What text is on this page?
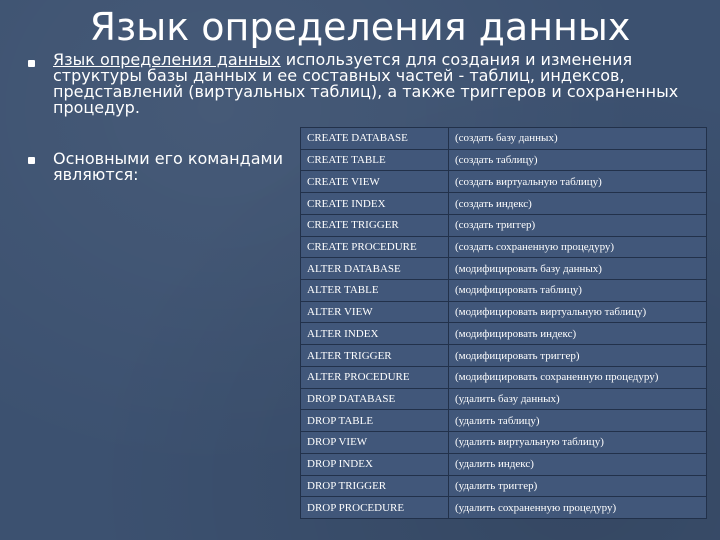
Язык определения данных

Язык определения данных используется для создания и изменения структуры базы данных и ее составных частей - таблиц, индексов, представлений (виртуальных таблиц), а также триггеров и сохраненных процедур.

Основными его командами являются:

CREATE DATABASE	(создать базу данных)
CREATE TABLE	(создать таблицу)
CREATE VIEW	(создать виртуальную таблицу)
CREATE INDEX	(создать индекс)
CREATE TRIGGER	(создать триггер)
CREATE PROCEDURE	(создать сохраненную процедуру)
ALTER DATABASE	(модифицировать базу данных)
ALTER TABLE	(модифицировать таблицу)
ALTER VIEW	(модифицировать виртуальную таблицу)
ALTER INDEX	(модифицировать индекс)
ALTER TRIGGER	(модифицировать триггер)
ALTER PROCEDURE	(модифицировать сохраненную процедуру)
DROP DATABASE	(удалить базу данных)
DROP TABLE	(удалить таблицу)
DROP VIEW	(удалить виртуальную таблицу)
DROP INDEX	(удалить индекс)
DROP TRIGGER	(удалить триггер)
DROP PROCEDURE	(удалить сохраненную процедуру)
